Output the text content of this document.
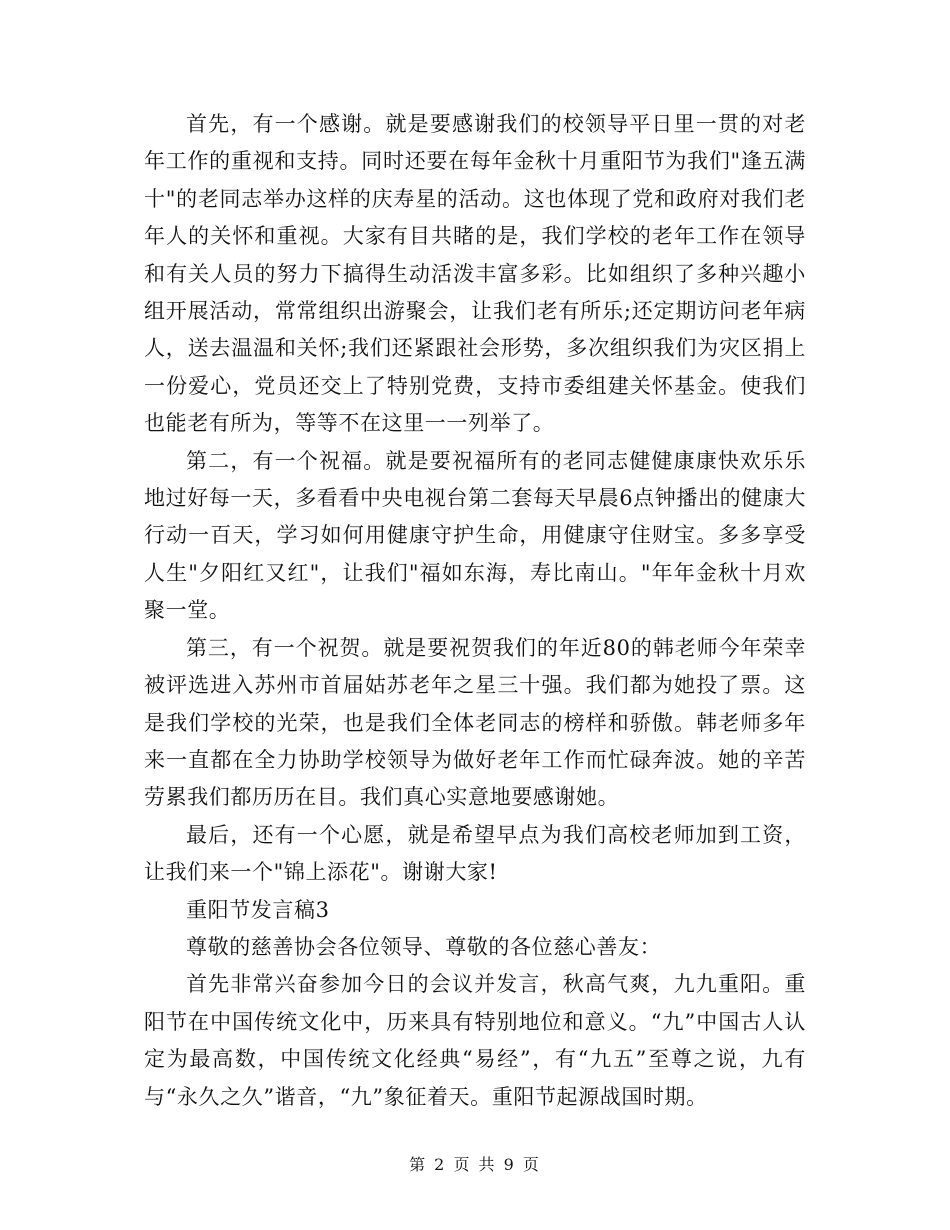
首先，有一个感谢。就是要感谢我们的校领导平日里一贯的对老年工作的重视和支持。同时还要在每年金秋十月重阳节为我们"逢五满十"的老同志举办这样的庆寿星的活动。这也体现了党和政府对我们老年人的关怀和重视。大家有目共睹的是，我们学校的老年工作在领导和有关人员的努力下搞得生动活泼丰富多彩。比如组织了多种兴趣小组开展活动，常常组织出游聚会，让我们老有所乐;还定期访问老年病人，送去温温和关怀;我们还紧跟社会形势，多次组织我们为灾区捐上一份爱心，党员还交上了特别党费，支持市委组建关怀基金。使我们也能老有所为，等等不在这里一一列举了。

第二，有一个祝福。就是要祝福所有的老同志健健康康快欢乐乐地过好每一天，多看看中央电视台第二套每天早晨6点钟播出的健康大行动一百天，学习如何用健康守护生命，用健康守住财宝。多多享受人生"夕阳红又红"，让我们"福如东海，寿比南山。"年年金秋十月欢聚一堂。

第三，有一个祝贺。就是要祝贺我们的年近80的韩老师今年荣幸被评选进入苏州市首届姑苏老年之星三十强。我们都为她投了票。这是我们学校的光荣，也是我们全体老同志的榜样和骄傲。韩老师多年来一直都在全力协助学校领导为做好老年工作而忙碌奔波。她的辛苦劳累我们都历历在目。我们真心实意地要感谢她。

最后，还有一个心愿，就是希望早点为我们高校老师加到工资，让我们来一个"锦上添花"。谢谢大家!

重阳节发言稿3

尊敬的慈善协会各位领导、尊敬的各位慈心善友：

首先非常兴奋参加今日的会议并发言，秋高气爽，九九重阳。重阳节在中国传统文化中，历来具有特别地位和意义。“九”中国古人认定为最高数，中国传统文化经典“易经”，有“九五”至尊之说，九有与“永久之久”谐音，“九”象征着天。重阳节起源战国时期。

第 2 页 共 9 页
